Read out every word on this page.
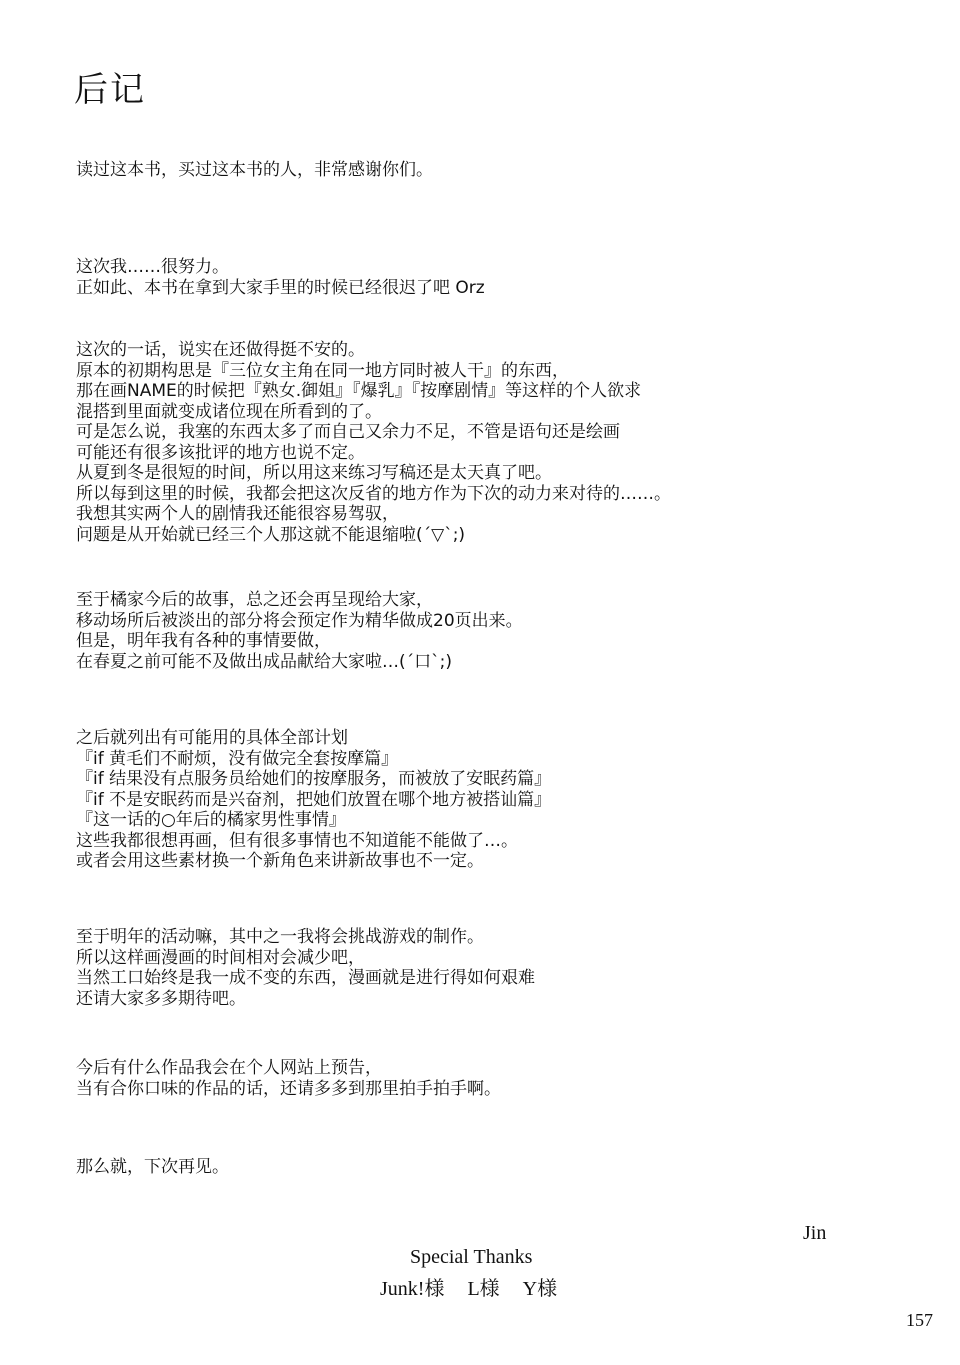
后记
读过这本书，买过这本书的人，非常感谢你们。
这次我……很努力。
正如此、本书在拿到大家手里的时候已经很迟了吧 Orz
这次的一话，说实在还做得挺不安的。
原本的初期构思是『三位女主角在同一地方同时被人干』的东西，
那在画NAME的时候把『熟女.御姐』『爆乳』『按摩剧情』等这样的个人欲求
混搭到里面就变成诸位现在所看到的了。
可是怎么说，我塞的东西太多了而自己又余力不足，不管是语句还是绘画
可能还有很多该批评的地方也说不定。
从夏到冬是很短的时间，所以用这来练习写稿还是太天真了吧。
所以每到这里的时候，我都会把这次反省的地方作为下次的动力来对待的……。
我想其实两个人的剧情我还能很容易驾驭，
问题是从开始就已经三个人那这就不能退缩啦(´▽`;)
至于橘家今后的故事，总之还会再呈现给大家，
移动场所后被淡出的部分将会预定作为精华做成20页出来。
但是，明年我有各种的事情要做，
在春夏之前可能不及做出成品献给大家啦…(´口`;)
之后就列出有可能用的具体全部计划
『if 黄毛们不耐烦，没有做完全套按摩篇』
『if 结果没有点服务员给她们的按摩服务，而被放了安眠药篇』
『if 不是安眠药而是兴奋剂，把她们放置在哪个地方被搭讪篇』
『这一话的○年后的橘家男性事情』
这些我都很想再画，但有很多事情也不知道能不能做了…。
或者会用这些素材换一个新角色来讲新故事也不一定。
至于明年的活动嘛，其中之一我将会挑战游戏的制作。
所以这样画漫画的时间相对会减少吧，
当然工口始终是我一成不变的东西，漫画就是进行得如何艰难
还请大家多多期待吧。
今后有什么作品我会在个人网站上预告，
当有合你口味的作品的话，还请多多到那里拍手拍手啊。
那么就，下次再见。
Jin
Special Thanks
Junk!様 L様 Y様
157
